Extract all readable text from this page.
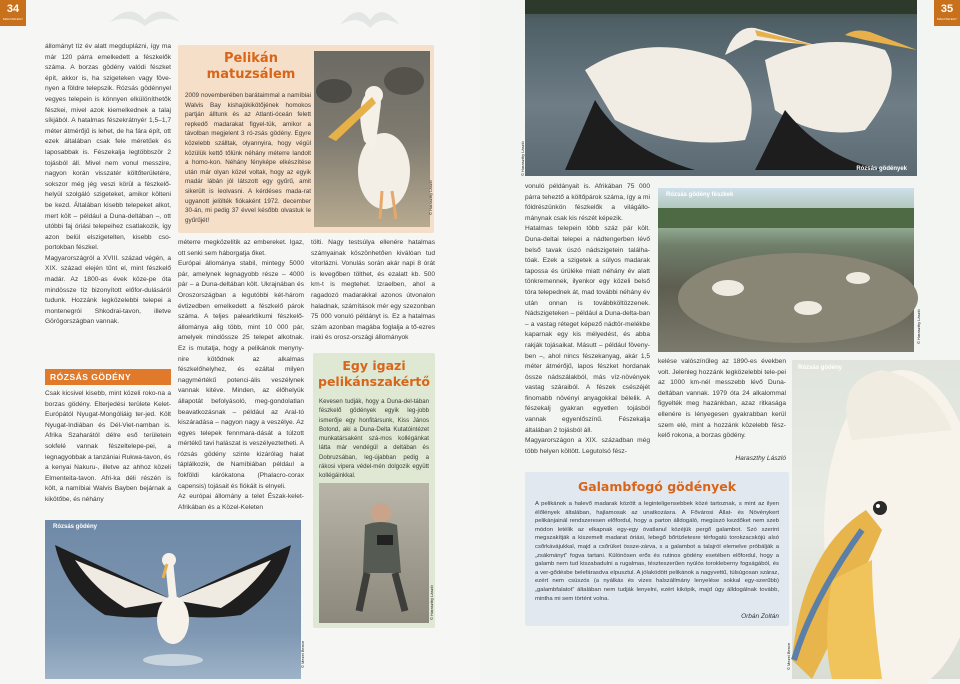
34
MAGYAR EGY
állományt tíz év alatt megduplázni, így ma már 120 párra emelkedett a fészkelők száma. A borzas gödény valódi fészket épít, akkor is, ha szigeteken vagy föve-nyen a földre telepszik. Rózsás gödénnyel vegyes telepein is könnyen elkülöníthetők fészkei, mivel azok kiemelkednek a talaj síkjából. A hatalmas fészekrátnyér 1,5–1,7 méter átmérőjű is lehet, de ha fára épít, ott ezek általában csak fele méretűek és laposabbak is. Fészekalja legtöbbször 2 tojásból áll. Mivel nem vonul messzire, nagyon korán visszatér költőterületére, sokszor még jég veszi körül a fészkelő-helyül szolgáló szigeteket, amikor költeni be kezd. Általában kisebb telepeket alkot, mert költ – például a Duna-deltában –, ott utóbbi faj óriási telepeihez csatlakozik, így azon belül elszigetelten, kisebb cso-portokban fészkel.
Magyarországról a XVIII. század végén, a XIX. század elején tűnt el, mint fészkelő madár. Az 1800-as évek köze-pe óta mindössze tíz bizonyított előfor-dulásáról tudunk. Hozzánk legközelebbi telepei a montenegrói Shkodrai-tavon, illetve Görögországban vannak.
RÓZSÁS GÖDÉNY
Csak kicsivel kisebb, mint közeli roko-na a borzas gödény. Elterjedési területe Kelet-Európától Nyugat-Mongóliáig ter-jed. Költ Nyugat-Indiában és Dél-Viet-namban is. Afrika Szaharától délre eső területein sokfelé vannak fészeltelepe-pei, a legnagyobbak a tanzániai Rukwa-tavon, és a kenyai Nakuru-, illetve az ahhoz közeli Elmenteita-tavon. Afri-ka déli részén is költ, a namíbiai Walvis Bayben bejárnak a kikötőbe, és néhány
Pelikán matuzsálem

2009 novemberében barátaimmal a namíbiai Walvis Bay kishajókikötőjének homokos partján álltunk és az Atlanti-óceán felett repkedő madarakat figyel-tük, amikor a távolban megjelent 3 ró-zsás gödény. Egyre közelebb szálltak, olyannyira, hogy végül közülük kettő tőlünk néhány méterre landolt a homo-kon. Néhány fényképe elkészítése után már olyan közel voltak, hogy az egyik madár lábán jól látszott egy gyűrű, amit sikerült is leolvasni. A kérdéses mada-rat ugyanott jelölték fiókaként 1972. december 30-án, mi pedig 37 évvel később olvastuk le gyűrűjét!

© Haraszthy László
méterre megközelítik az embereket. Igaz, ott senki sem háborgatja őket.
Európai állománya stabil, mintegy 5000 pár, amelynek legnagyobb része – 4000 pár – a Duna-deltában költ. Ukrajnában és Oroszországban a legutóbbi két-három évtizedben emelkedett a fészkelő párok száma. A teljes palearktikumi fészkelő-állománya alig több, mint 10 000 pár, amelyek mindössze 25 telepet alkotnak. Ez is mutatja, hogy a pelikánok menyny-nire kötődnek az alkalmas fészkelőhelyhez, és ezáltal milyen nagymértékű potenci-ális veszélynek vannak kitéve. Minden, az élőhelyük állapotát befolyásoló, meg-gondolatlan beavatkozásnak – például az Aral-tó kiszáradása – nagyon nagy a veszélye. Az egyes telepek fennmara-dását a túlzott mértékű tavi halászat is veszélyeztetheti. A rózsás gödény szinte kizárólag halat táplálkozik, de Namíbiában például a fokföldi kárókatona (Phalacro-corax capensis) tojásait és fiókáit is elnyeli.
Az európai állomány a telet Észak-kelet-Afrikában és a Közel-Keleten
tölti. Nagy testsúlya ellenére hatalmas számyainak köszönhetően kiválóan tud vitorlázni. Vonulás során akár napi 8 órát is levegőben tölthet, és ezalatt kb. 500 km-t is megtehet. Izraelben, ahol a ragadozó madarakkal azonos útvonalon haladnak, számítások mér egy szezonban 75 000 vonuló példányt is. Ez a hatalmas szám azonban magába foglalja a tő-ezres iraki és orosz-országi állományok
Egy igazi pelikánszakértő

Kevesen tudják, hogy a Duna-del-tában fészkelő gödények egyik leg-jobb ismerője egy honfitársunk, Kiss János Botond, aki a Duna-Delta Kutatóintézet munkatársaként szá-mos kollégánkat látta már vendégül a deltában és Dobruzsában, leg-újabban pedig a rákosi vipera védel-mén dolgozik együtt kollégáinkkal.

© Haraszthy László
Rózsás gödény
© Mezei Bence
35
MAGYAR EGY
Rózsás gödények
© Haraszthy László
vonuló példányait is. Afrikában 75 000 párra teheztő a költőpárok száma, így a mi földrészünkön fészkelők a világállo-mánynak csak kis részét képezik.
Hatalmas telepein több száz pár költ. Duna-deltai telepei a nádtengerben lévő belső tavak úszó nádszigetein találha-tóak. Ezek a szigetek a súlyos madarak tapossa és ürüléke miatt néhány év alatt tönkremennek, ilyenkor egy közeli belső tóra telepednek át, mad további néhány év után onnan is továbbköltözzenek. Nádszigeteken – például a Duna-delta-ban – a vastag réteget képező nádtör-melékbe kaparnak egy kis mélyedést, és abba rakják tojásaikat. Másutt – például föveny-ben –, ahol nincs fészekanyag, akár 1,5 méter átmérőjű, lapos fészket hordanak össze nádszálakból, más víz-növények vastag száraiból. A fészek csészéjét finomabb növényi anyagokkal bélelik. A fészekalj gyakran egyetlen tojásból vannak egyenlőszínű. Fészekalja általában 2 tojásból áll.
Magyarországon a XIX. században még több helyen költött. Legutolsó fész-
Rózsás gödény fészkek
© Haraszthy László
kelése valószínűleg az 1890-es években volt. Jelenleg hozzánk legközelebbi tele-pei az 1000 km-nél messzebb lévő Duna-deltában vannak. 1979 óta 24 alkalommal figyelték meg hazánkban, azaz ritkasága ellenére is lényegesen gyakrabban kerül szem elé, mint a hozzánk közelebb fész-kelő rokona, a borzas gödény.
Haraszthy László
Galambfogó gödények

A pelikánok a halevő madarak között a leginteligensebbek közé tartoznak, s mint az ilyen élőlények általában, hajlamosak az unatkozásra. A Fővárosi Állat- és Növénykert pelikánjainál rendszeresen előfordul, hogy a parton álldogáló, megúszó kezdőket nem szeb módon letélik az elkapnak egy-egy óvatlanul közéjük pergő galambot. Szó szerint megszakítják a kiszemelt madarat óriási, lebegő bőrtizletesre térfogatú torokzacskójú alsó csőrkávájukkal, majd a csőrüket össze-zárva, s a galambot a talajról elemelve próbálják a „zsákmányt” fogva tartani. Különösen erős és rutinos gödény esetében előfordul, hogy a galamb nem tud kiszabadulni a rugalmas, tészteszerűen nyúlós torokleberny fogságából, és a ver-gődésbe belefárasdva elpusztul. A jólaködött pelikánok a nagyvettű, túlsúgosan száraz, ezért nem csúszós (a nyálkás és vizes halszállmány lenyelése sokkal egy-szerűbb) „galambfalatot” általában nem tudják lenyelni, ezért kiköpik, majd úgy álldogálnak tovább, mintha mi sem történt volna.

Orbán Zoltán
Rózsás gödény
© Mezei Bence
